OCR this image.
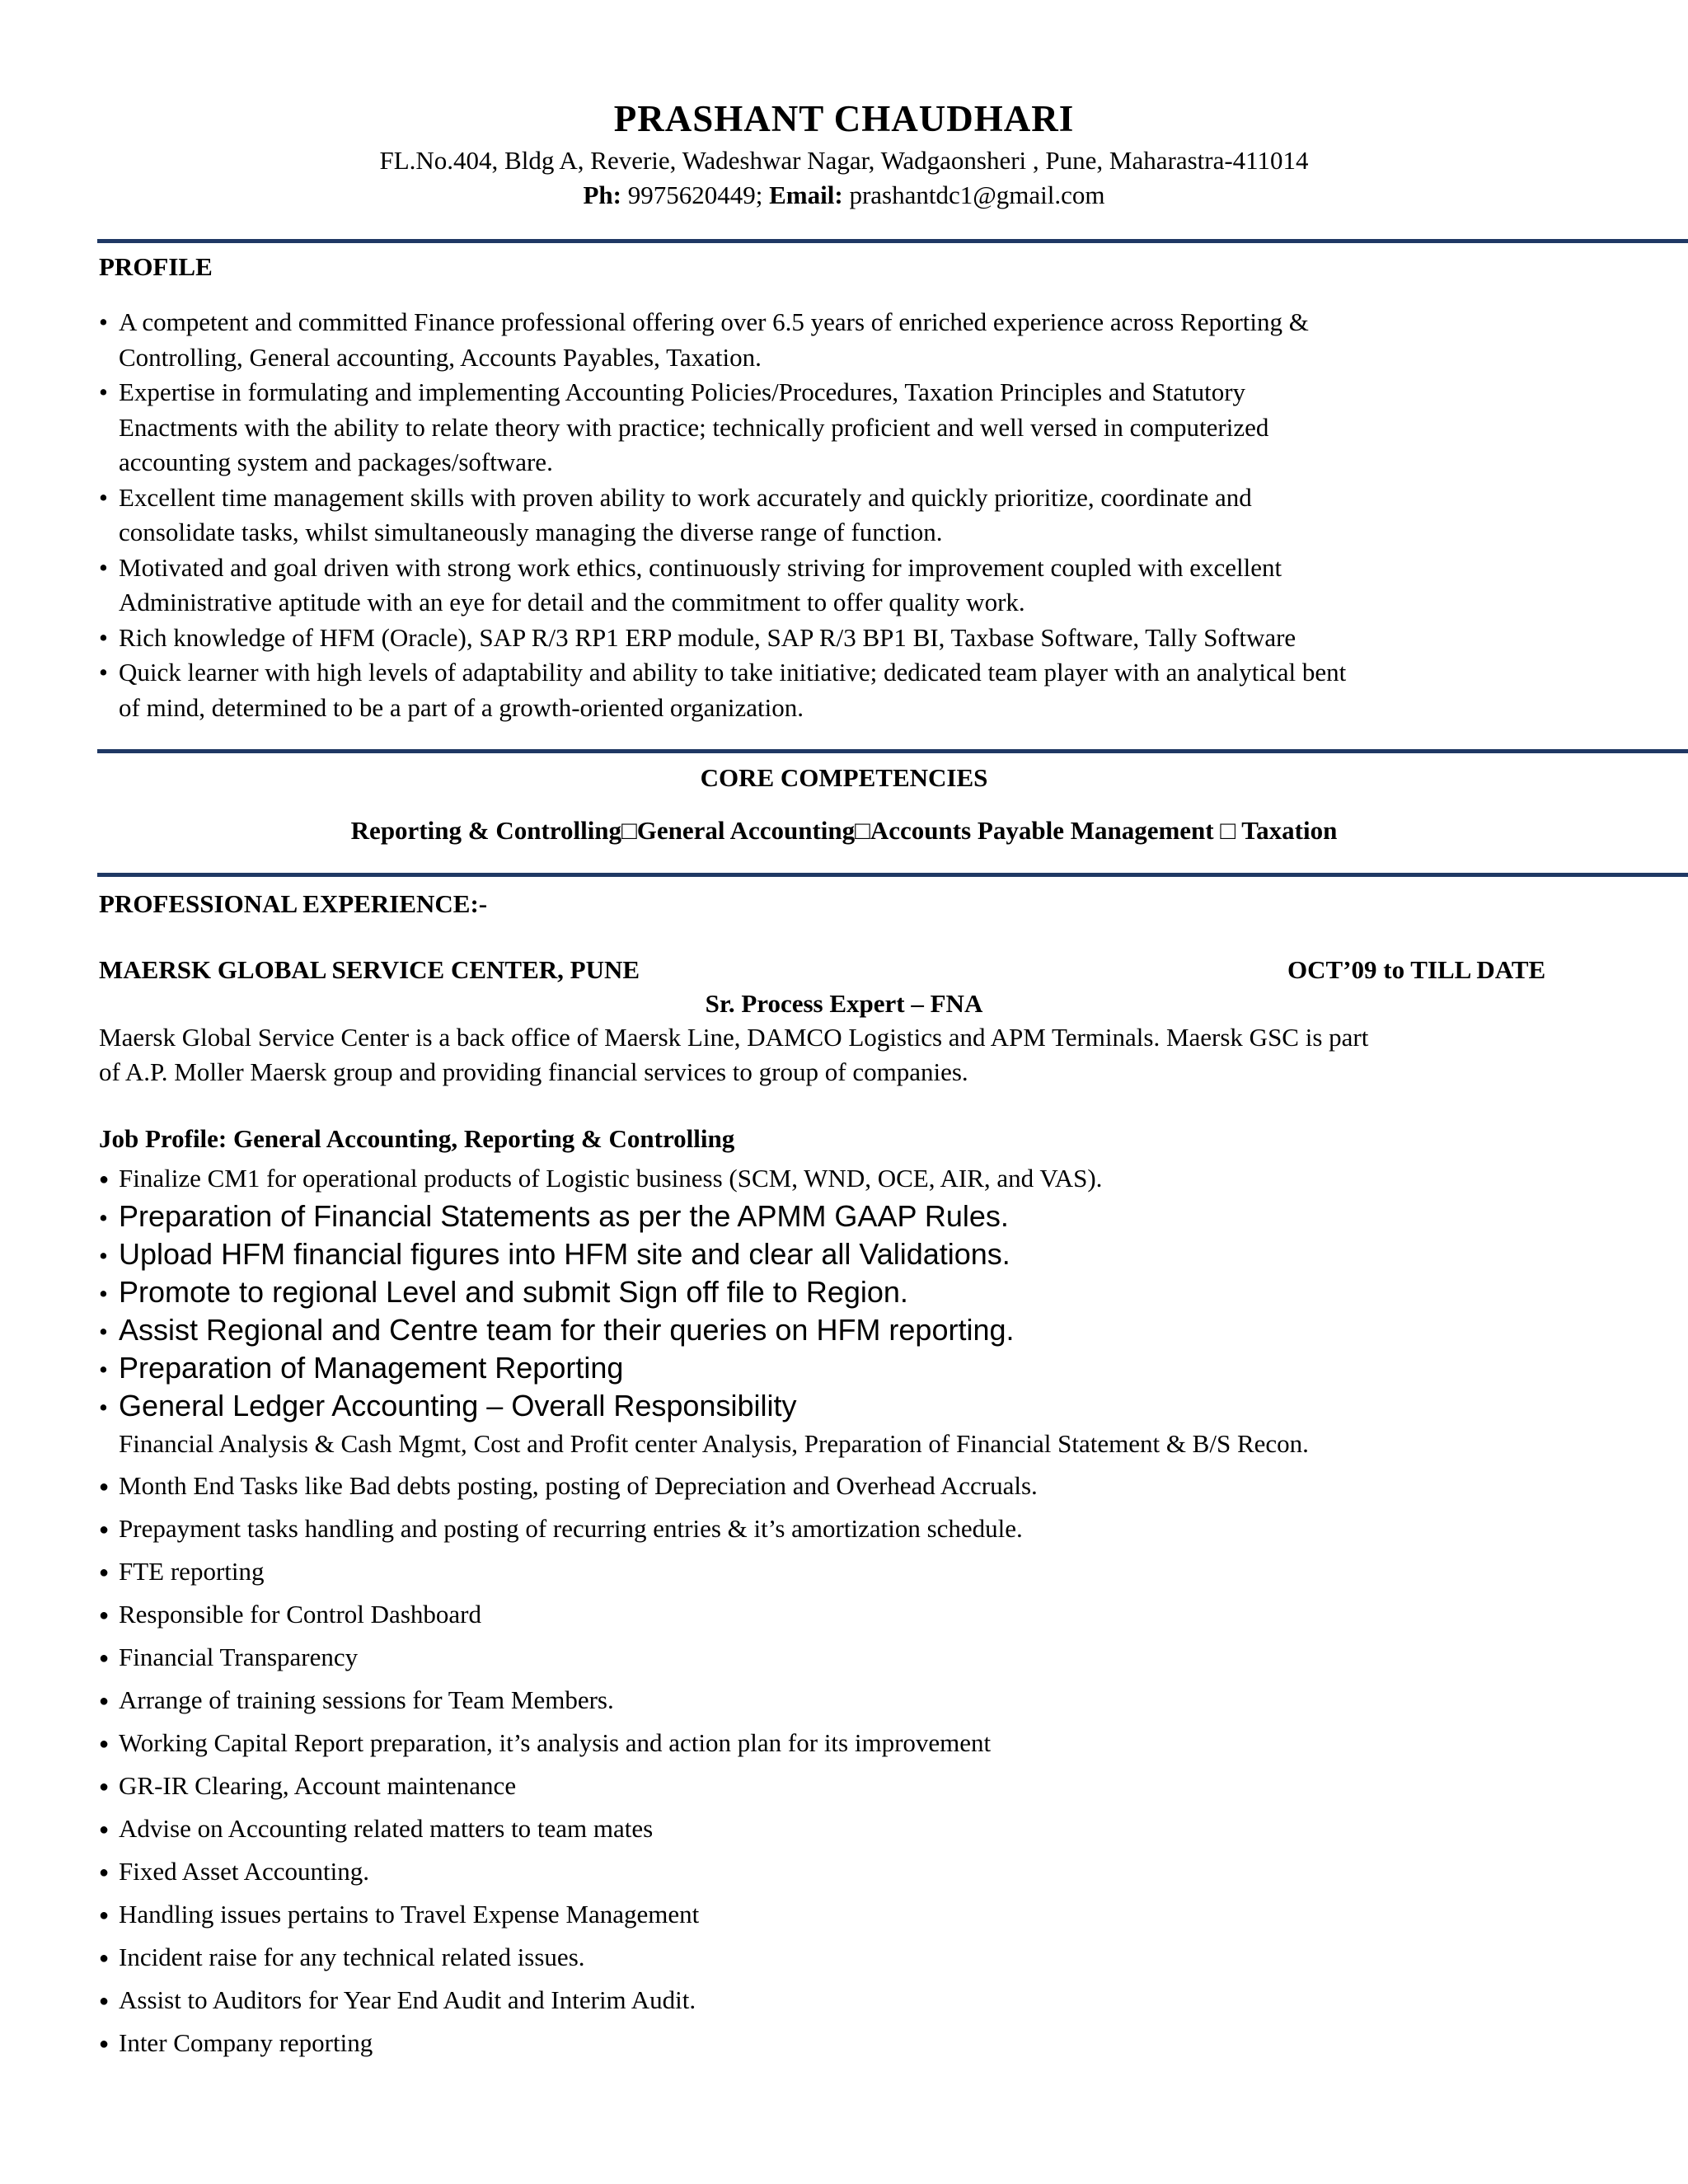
PRASHANT CHAUDHARI
FL.No.404, Bldg A, Reverie, Wadeshwar Nagar, Wadgaonsheri , Pune, Maharastra-411014
Ph: 9975620449; Email: prashantdc1@gmail.com
PROFILE
• A competent and committed Finance professional offering over 6.5 years of enriched experience across Reporting &
Controlling, General accounting, Accounts Payables, Taxation.
• Expertise in formulating and implementing Accounting Policies/Procedures, Taxation Principles and Statutory
Enactments with the ability to relate theory with practice; technically proficient and well versed in computerized
accounting system and packages/software.
• Excellent time management skills with proven ability to work accurately and quickly prioritize, coordinate and
consolidate tasks, whilst simultaneously managing the diverse range of function.
• Motivated and goal driven with strong work ethics, continuously striving for improvement coupled with excellent
Administrative aptitude with an eye for detail and the commitment to offer quality work.
• Rich knowledge of HFM (Oracle), SAP R/3 RP1 ERP module, SAP R/3 BP1 BI, Taxbase Software, Tally Software
• Quick learner with high levels of adaptability and ability to take initiative; dedicated team player with an analytical bent
of mind, determined to be a part of a growth-oriented organization.
CORE COMPETENCIES
Reporting & Controlling□General Accounting□Accounts Payable Management □ Taxation
PROFESSIONAL EXPERIENCE:-
MAERSK GLOBAL SERVICE CENTER, PUNE	OCT’09 to TILL DATE
Sr. Process Expert – FNA
Maersk Global Service Center is a back office of Maersk Line, DAMCO Logistics and APM Terminals. Maersk GSC is part
of A.P. Moller Maersk group and providing financial services to group of companies.
Job Profile: General Accounting, Reporting & Controlling
● Finalize CM1 for operational products of Logistic business (SCM, WND, OCE, AIR, and VAS).
• Preparation of Financial Statements as per the APMM GAAP Rules.
• Upload HFM financial figures into HFM site and clear all Validations.
• Promote to regional Level and submit Sign off file to Region.
• Assist Regional and Centre team for their queries on HFM reporting.
• Preparation of Management Reporting
• General Ledger Accounting – Overall Responsibility
Financial Analysis & Cash Mgmt, Cost and Profit center Analysis, Preparation of Financial Statement & B/S Recon.
● Month End Tasks like Bad debts posting, posting of Depreciation and Overhead Accruals.
● Prepayment tasks handling and posting of recurring entries & it’s amortization schedule.
● FTE reporting
● Responsible for Control Dashboard
● Financial Transparency
● Arrange of training sessions for Team Members.
● Working Capital Report preparation, it’s analysis and action plan for its improvement
● GR-IR Clearing, Account maintenance
● Advise on Accounting related matters to team mates
● Fixed Asset Accounting.
● Handling issues pertains to Travel Expense Management
● Incident raise for any technical related issues.
● Assist to Auditors for Year End Audit and Interim Audit.
● Inter Company reporting
